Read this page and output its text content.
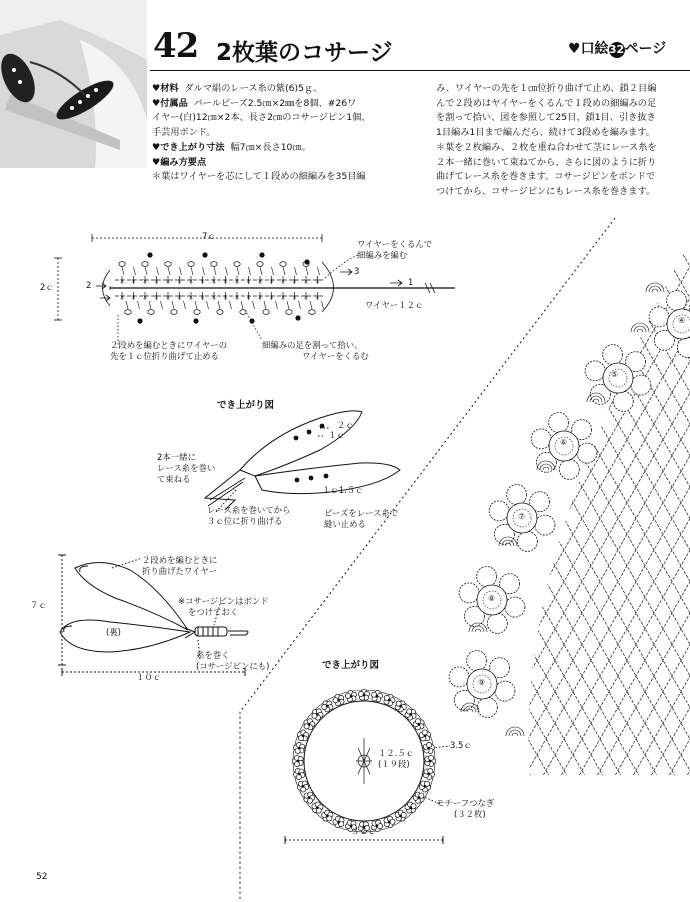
42 2枚葉のコサージ	♥口絵32ページ
♥材料 ダルマ絹のレース糸の紫(6)5ｇ。
♥付属品 パールビーズ2.5㎝×2㎜を8個、#26ワ
イヤー(白)12㎝×2本、長さ2㎝のコサージピン1個、
手芸用ボンド。
♥でき上がり寸法 幅7㎝×長さ10㎝。
♥編み方要点
＊葉はワイヤーを芯にして１段めの細編みを35目編
み、ワイヤーの先を１㎝位折り曲げて止め、鎖２目編
んで２段めはヤイヤーをくるんで１段めの細編みの足
を割って拾い、図を参照して25目、鎖1目、引き抜き
1目編み1目まで編んだら、続けて3段めを編みます。
＊葉を２枚編み、２枚を重ね合わせて茎にレース糸を
２本一緒に巻いて束ねてから、さらに図のように折り
曲げてレース糸を巻きます。コサージピンをボンドで
つけてから、コサージピンにもレース糸を巻きます。
×
×
×
×
×
×
×
×
×
×
×
×
×
×
×
×
×
×
×
×
×
×
×
×
×
×
×
×
×
×
×
×
×
×
×
×
7ｃ
2ｃ
ワイヤーをくるんで
細編みを編む
3
1
2
ワイヤー１２ｃ
２段めを編むときにワイヤーの
先を１ｃ位折り曲げて止める
細編みの足を割って拾い、
ワイヤーをくるむ
でき上がり図
２ｃ
１ｃ
１ｃ1.５ｃ
2本一緒に
レース糸を巻い
て束ねる
レース糸を巻いてから
３ｃ位に折り曲げる
ビーズをレース糸で
縫い止める
２段めを編むときに
折り曲げたワイヤー
※コサージピンはボンド
をつけておく
(裏)
糸を巻く
(コサージピンにも)
７ｃ
１０ｃ
でき上がり図
１２.５ｃ
(１９段)
3.5ｃ
モチーフつなぎ
(３２枚)
３２ｃ
④
⑤
⑥
⑦
⑧
⑨
52
